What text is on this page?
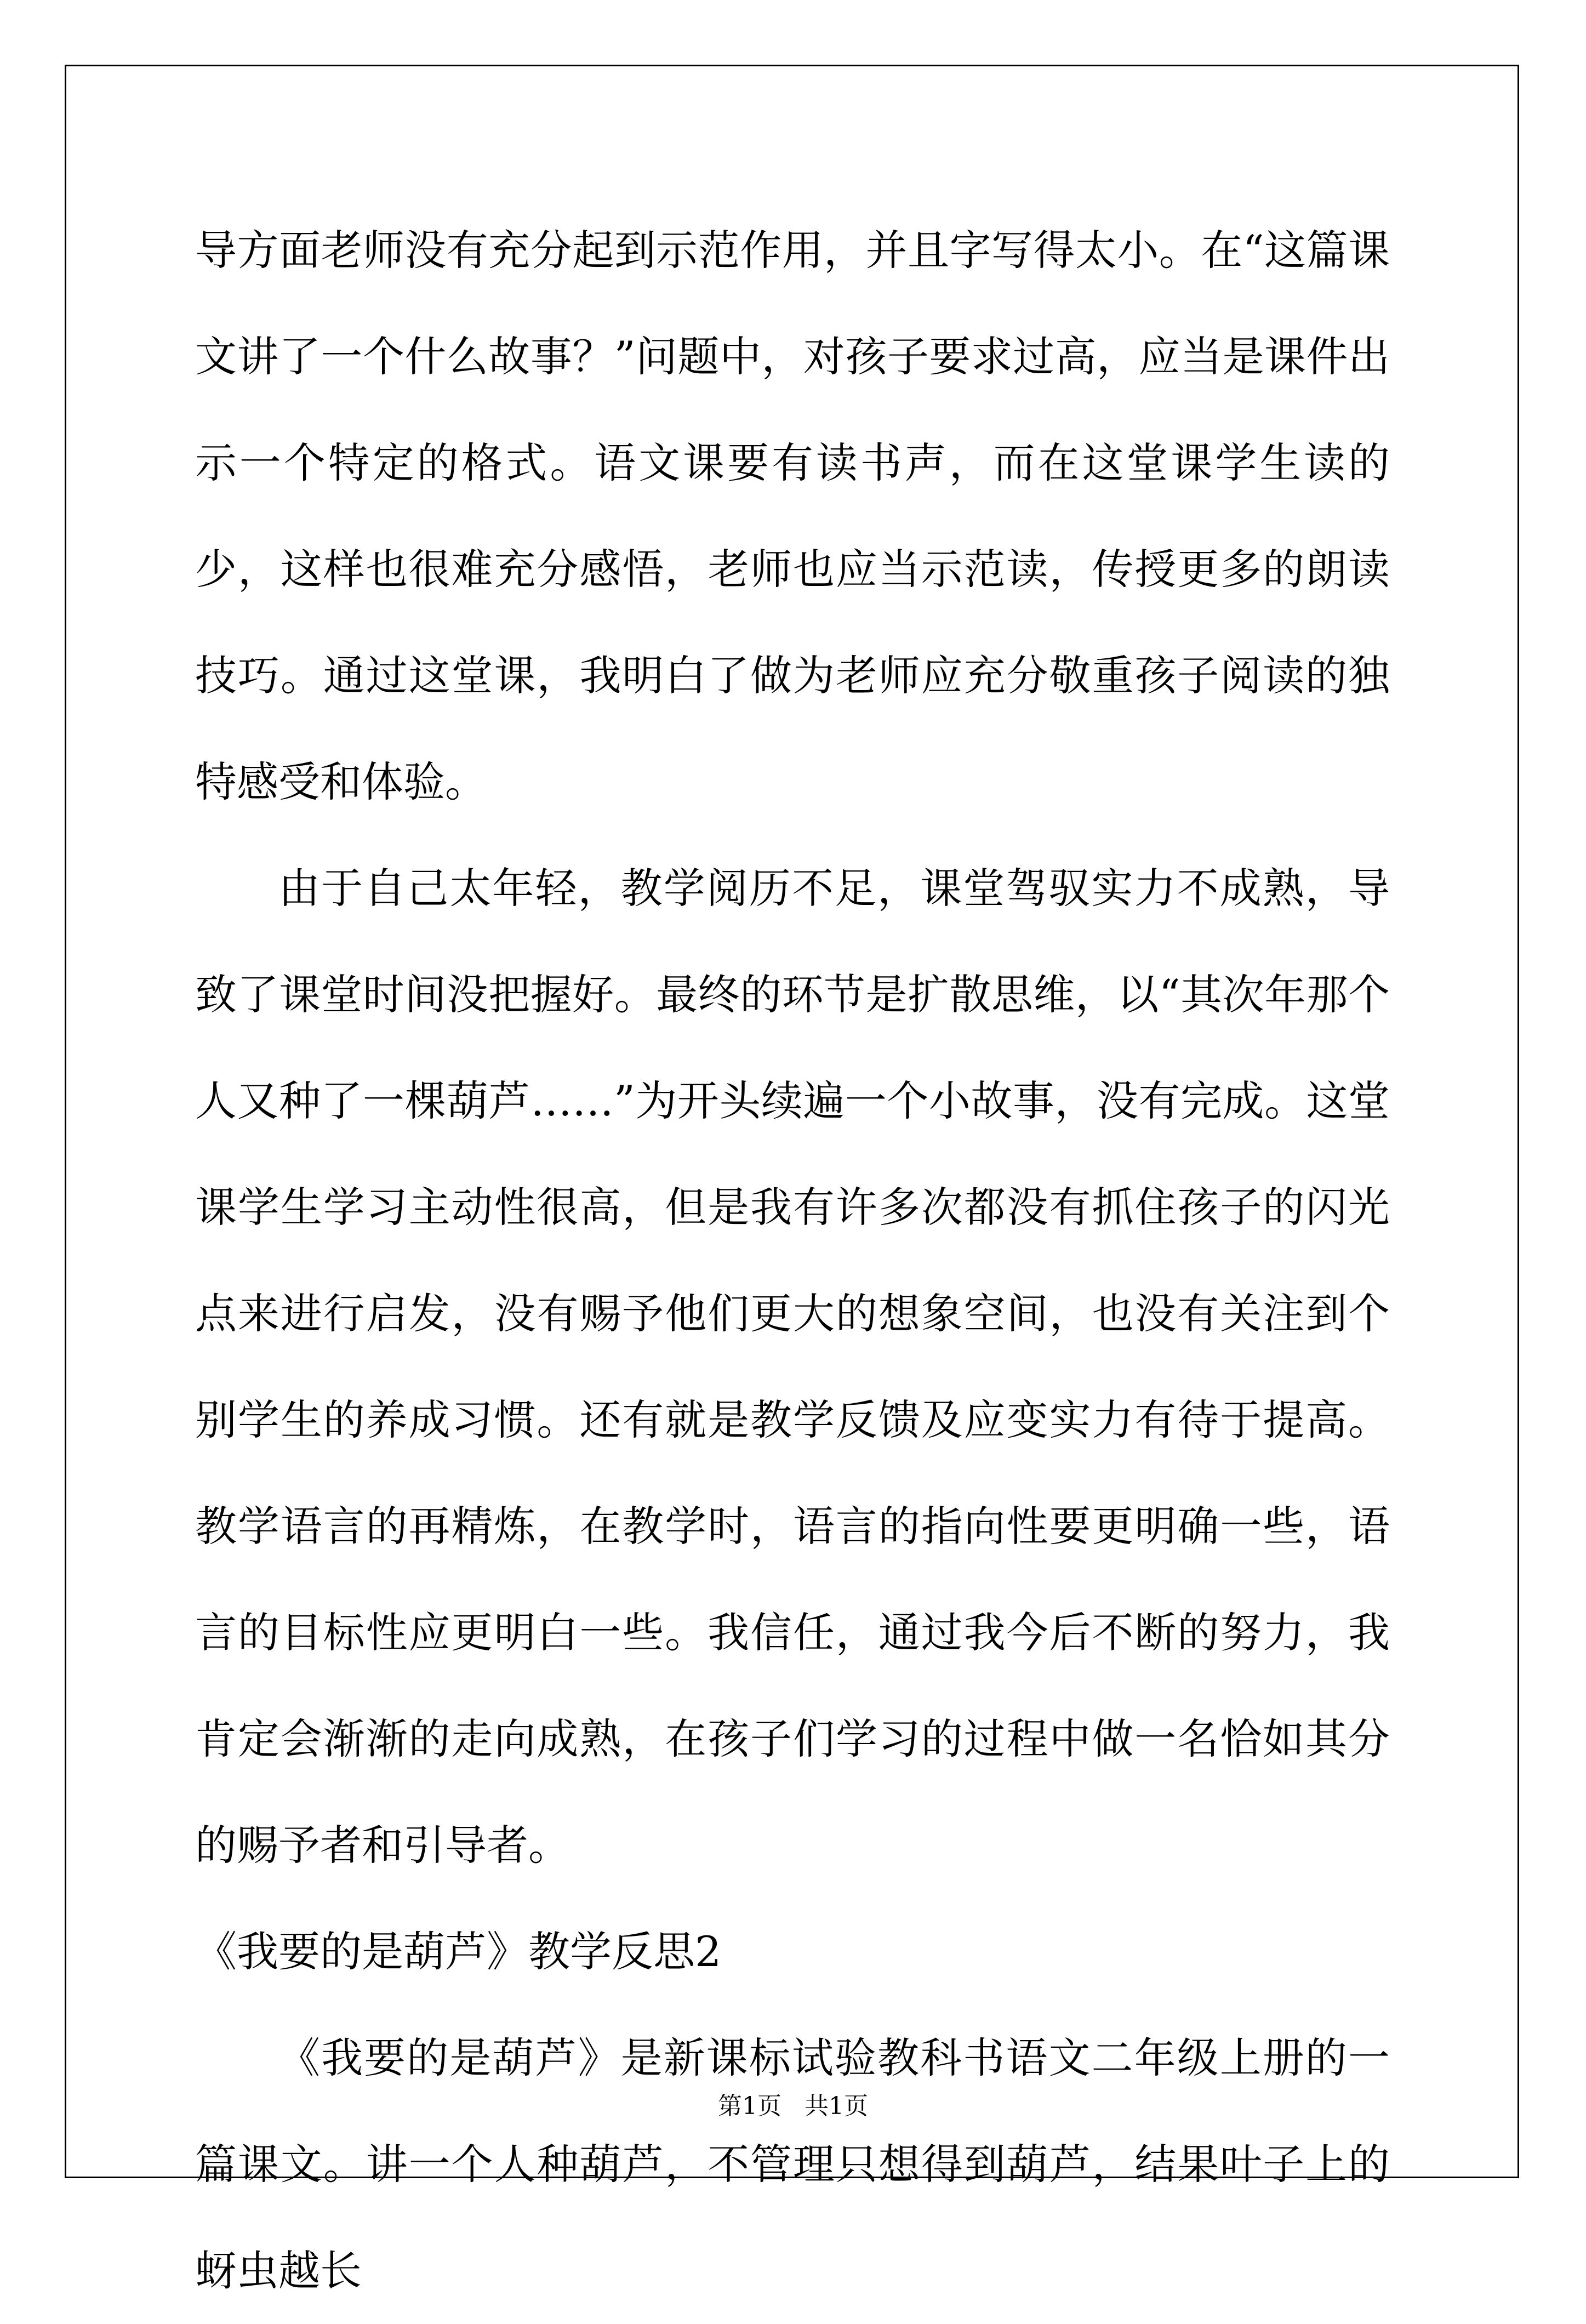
导方面老师没有充分起到示范作用，并且字写得太小。在“这篇课文讲了一个什么故事？”问题中，对孩子要求过高，应当是课件出示一个特定的格式。语文课要有读书声，而在这堂课学生读的少，这样也很难充分感悟，老师也应当示范读，传授更多的朗读技巧。通过这堂课，我明白了做为老师应充分敬重孩子阅读的独特感受和体验。

由于自己太年轻，教学阅历不足，课堂驾驭实力不成熟，导致了课堂时间没把握好。最终的环节是扩散思维，以“其次年那个人又种了一棵葫芦……”为开头续遍一个小故事，没有完成。这堂课学生学习主动性很高，但是我有许多次都没有抓住孩子的闪光点来进行启发，没有赐予他们更大的想象空间，也没有关注到个别学生的养成习惯。还有就是教学反馈及应变实力有待于提高。教学语言的再精炼，在教学时，语言的指向性要更明确一些，语言的目标性应更明白一些。我信任，通过我今后不断的努力，我肯定会渐渐的走向成熟，在孩子们学习的过程中做一名恰如其分的赐予者和引导者。

《我要的是葫芦》教学反思2

《我要的是葫芦》是新课标试验教科书语文二年级上册的一篇课文。讲一个人种葫芦，不管理只想得到葫芦，结果叶子上的蚜虫越长

第1页   共1页
